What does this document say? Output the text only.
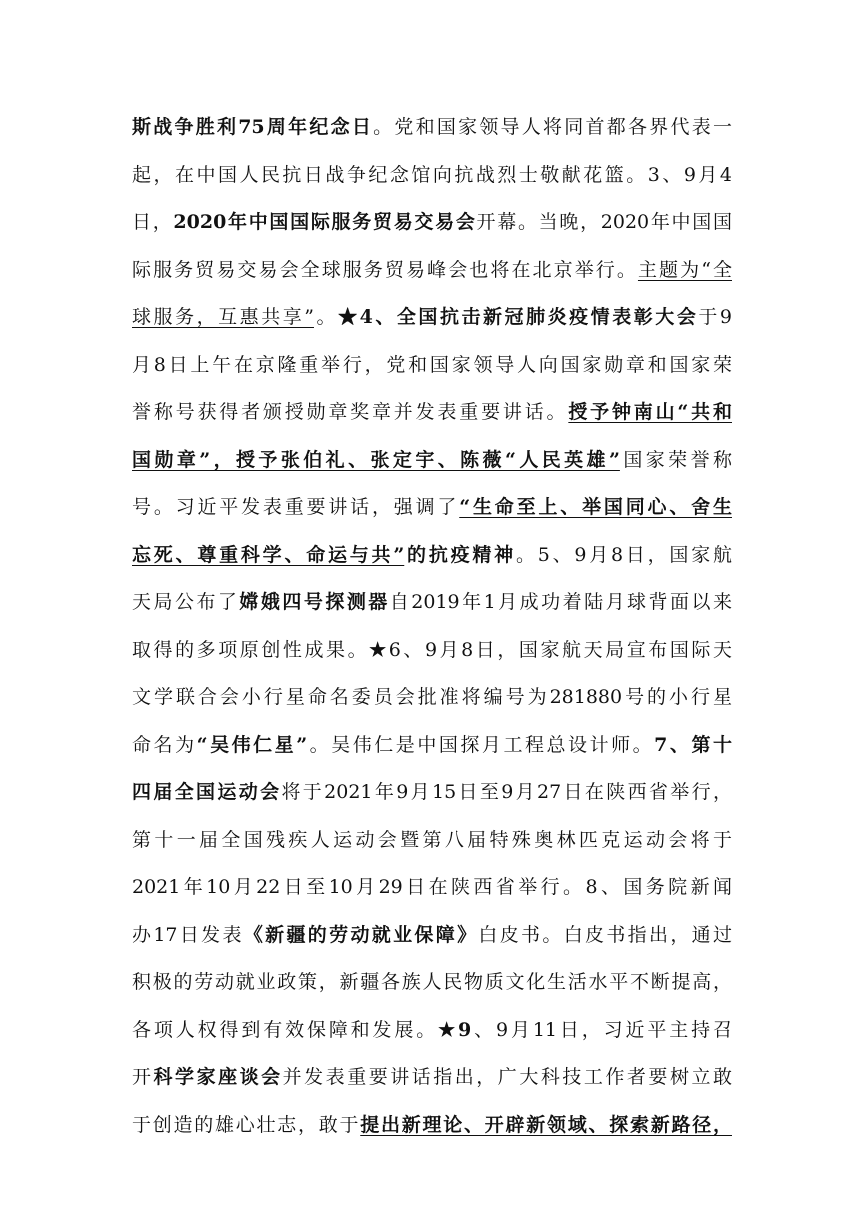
斯战争胜利75周年纪念日。党和国家领导人将同首都各界代表一
起，在中国人民抗日战争纪念馆向抗战烈士敬献花篮。3、9月4
日，2020年中国国际服务贸易交易会开幕。当晚，2020年中国国
际服务贸易交易会全球服务贸易峰会也将在北京举行。主题为“全
球服务，互惠共享”。★4、全国抗击新冠肺炎疫情表彰大会于9
月8日上午在京隆重举行，党和国家领导人向国家勋章和国家荣
誉称号获得者颁授勋章奖章并发表重要讲话。授予钟南山“共和
国勋章”，授予张伯礼、张定宇、陈薇“人民英雄”国家荣誉称
号。习近平发表重要讲话，强调了“生命至上、举国同心、舍生
忘死、尊重科学、命运与共”的抗疫精神。5、9月8日，国家航
天局公布了嫦娥四号探测器自2019年1月成功着陆月球背面以来
取得的多项原创性成果。★6、9月8日，国家航天局宣布国际天
文学联合会小行星命名委员会批准将编号为281880号的小行星
命名为“吴伟仁星”。吴伟仁是中国探月工程总设计师。7、第十
四届全国运动会将于2021年9月15日至9月27日在陕西省举行，
第十一届全国残疾人运动会暨第八届特殊奥林匹克运动会将于
2021年10月22日至10月29日在陕西省举行。8、国务院新闻
办17日发表《新疆的劳动就业保障》白皮书。白皮书指出，通过
积极的劳动就业政策，新疆各族人民物质文化生活水平不断提高，
各项人权得到有效保障和发展。★9、9月11日，习近平主持召
开科学家座谈会并发表重要讲话指出，广大科技工作者要树立敢
于创造的雄心壮志，敢于提出新理论、开辟新领域、探索新路径，
